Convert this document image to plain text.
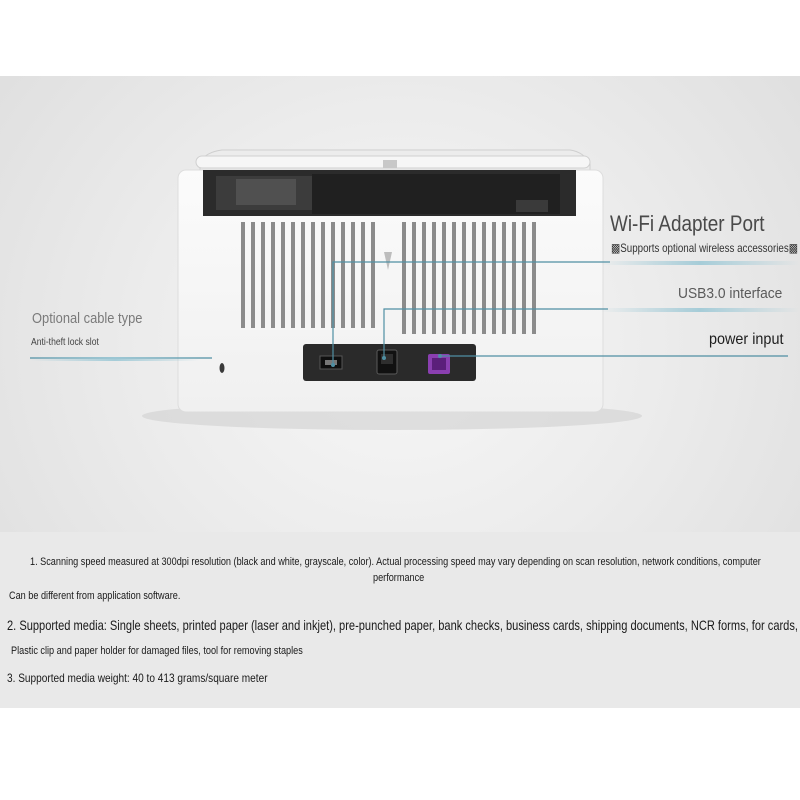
Wi-Fi Adapter Port
▩Supports optional wireless accessories▩
USB3.0 interface
power input
Optional cable type
Anti-theft lock slot
1. Scanning speed measured at 300dpi resolution (black and white, grayscale, color). Actual processing speed may vary depending on scan resolution, network conditions, computer
performance
Can be different from application software.
2. Supported media: Single sheets, printed paper (laser and inkjet), pre-punched paper, bank checks, business cards, shipping documents, NCR forms, for cards,
Plastic clip and paper holder for damaged files, tool for removing staples
3. Supported media weight: 40 to 413 grams/square meter
